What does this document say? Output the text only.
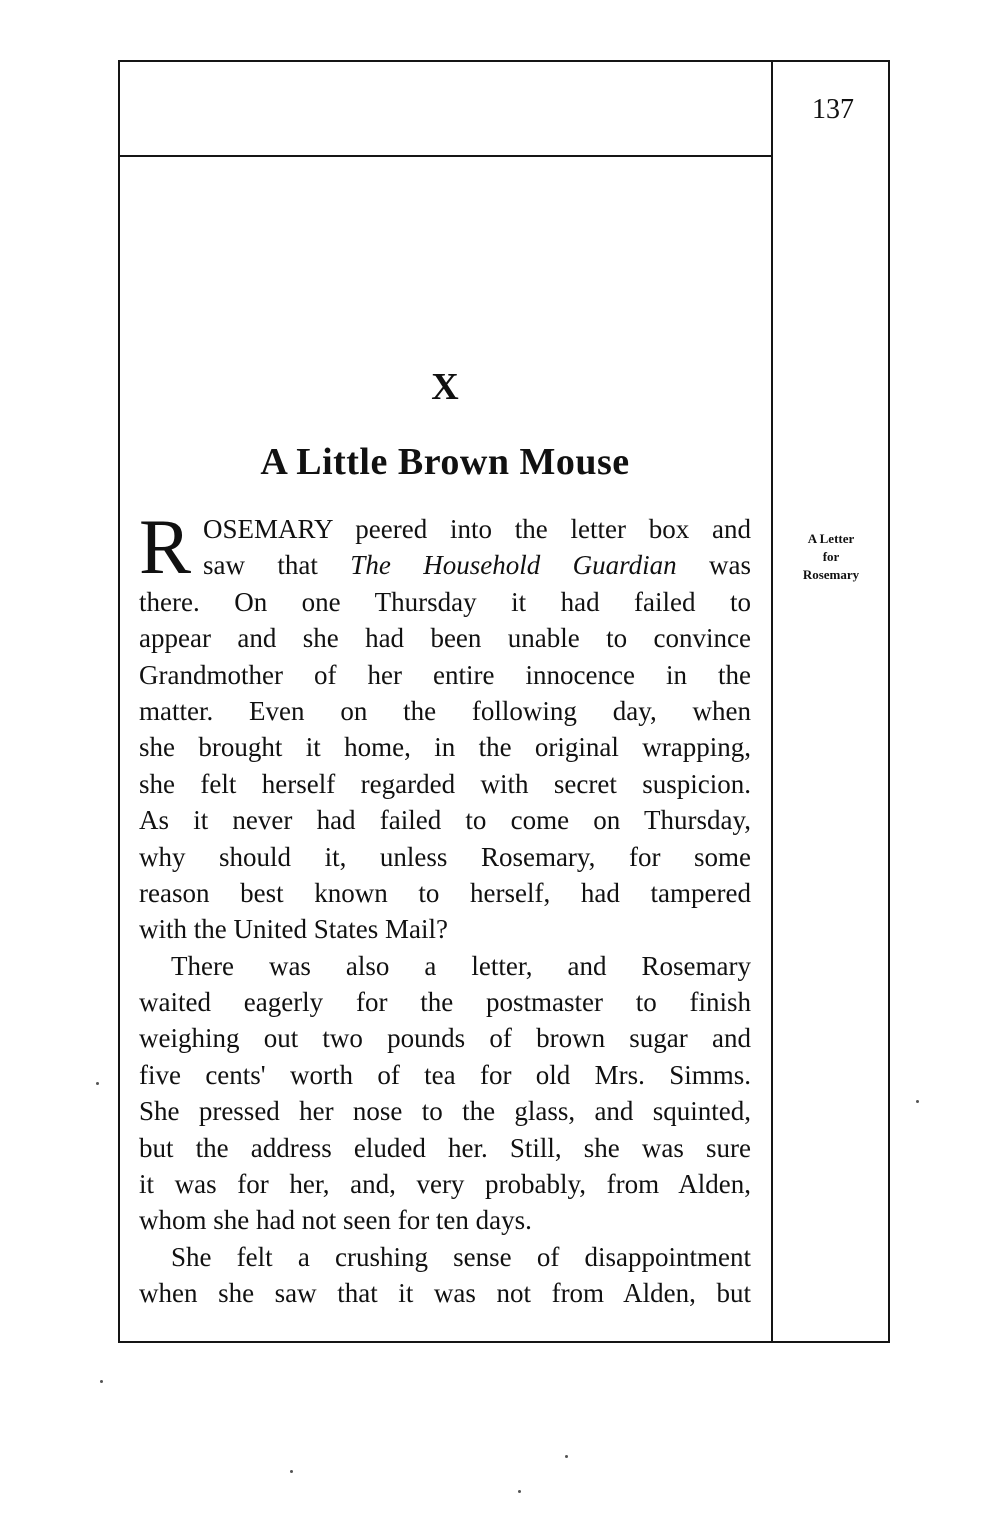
137
X
A Little Brown Mouse
A Letter
for
Rosemary
R OSEMARY peered into the letter box and
saw that The Household Guardian was
there. On one Thursday it had failed to
appear and she had been unable to convince
Grandmother of her entire innocence in the
matter. Even on the following day, when
she brought it home, in the original wrapping,
she felt herself regarded with secret suspicion.
As it never had failed to come on Thursday,
why should it, unless Rosemary, for some
reason best known to herself, had tampered
with the United States Mail?
There was also a letter, and Rosemary
waited eagerly for the postmaster to finish
weighing out two pounds of brown sugar and
five cents' worth of tea for old Mrs. Simms.
She pressed her nose to the glass, and squinted,
but the address eluded her. Still, she was sure
it was for her, and, very probably, from Alden,
whom she had not seen for ten days.
She felt a crushing sense of disappointment
when she saw that it was not from Alden, but
